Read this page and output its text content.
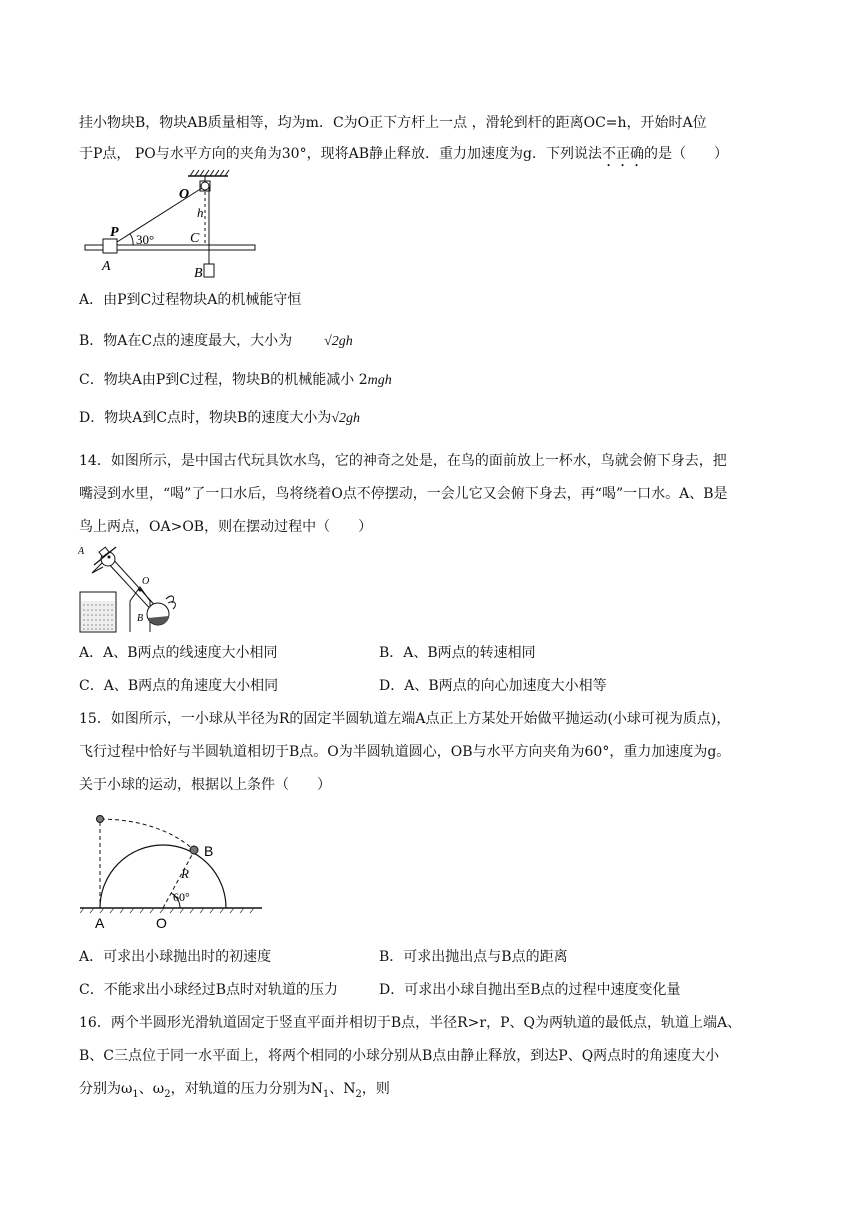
挂小物块B，物块AB质量相等，均为m．C为O正下方杆上一点 ，滑轮到杆的距离OC=h，开始时A位
于P点， PO与水平方向的夹角为30°，现将AB静止释放．重力加速度为g．下列说法不正确的是（　　）
P 30°
O
h
C
A	B
A．由P到C过程物块A的机械能守恒
B．物A在C点的速度最大，大小为 √2gh
C．物块A由P到C过程，物块B的机械能减小 2mgh
D．物块A到C点时，物块B的速度大小为√2gh
14．如图所示，是中国古代玩具饮水鸟，它的神奇之处是，在鸟的面前放上一杯水，鸟就会俯下身去，把
嘴浸到水里，“喝”了一口水后，鸟将绕着O点不停摆动，一会儿它又会俯下身去，再“喝”一口水。A、B是
鸟上两点，OA>OB，则在摆动过程中（　　）
A
O
B
A．A、B两点的线速度大小相同	B．A、B两点的转速相同
C．A、B两点的角速度大小相同	D．A、B两点的向心加速度大小相等
15．如图所示，一小球从半径为R的固定半圆轨道左端A点正上方某处开始做平抛运动(小球可视为质点)，
飞行过程中恰好与半圆轨道相切于B点。O为半圆轨道圆心，OB与水平方向夹角为60°，重力加速度为g。
关于小球的运动，根据以上条件（　　）
B
R
60°
A	O
A．可求出小球抛出时的初速度	B．可求出抛出点与B点的距离
C．不能求出小球经过B点时对轨道的压力	D．可求出小球自抛出至B点的过程中速度变化量
16．两个半圆形光滑轨道固定于竖直平面并相切于B点，半径R>r，P、Q为两轨道的最低点，轨道上端A、
B、C三点位于同一水平面上，将两个相同的小球分别从B点由静止释放，到达P、Q两点时的角速度大小
分别为$\omega_1$、$\omega_2$，对轨道的压力分别为$N_1$、$N_2$，则
